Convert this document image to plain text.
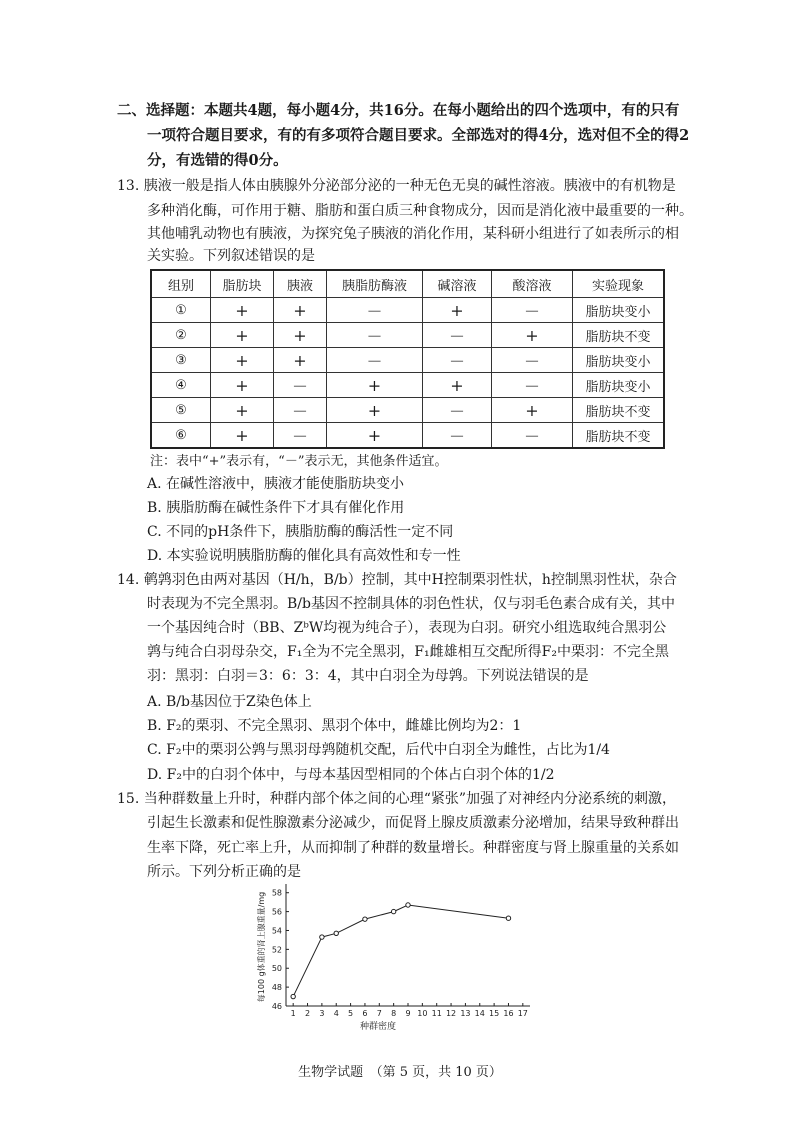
二、选择题：本题共4题，每小题4分，共16分。在每小题给出的四个选项中，有的只有
一项符合题目要求，有的有多项符合题目要求。全部选对的得4分，选对但不全的得2
分，有选错的得0分。
13. 胰液一般是指人体由胰腺外分泌部分泌的一种无色无臭的碱性溶液。胰液中的有机物是
多种消化酶，可作用于糖、脂肪和蛋白质三种食物成分，因而是消化液中最重要的一种。
其他哺乳动物也有胰液，为探究兔子胰液的消化作用，某科研小组进行了如表所示的相
关实验。下列叙述错误的是
组别	脂肪块	胰液	胰脂肪酶液	碱溶液	酸溶液	实验现象
①	+	+	－	+	－	脂肪块变小
②	+	+	－	－	+	脂肪块不变
③	+	+	－	－	－	脂肪块变小
④	+	－	+	+	－	脂肪块变小
⑤	+	－	+	－	+	脂肪块不变
⑥	+	－	+	－	－	脂肪块不变
注：表中“+”表示有，“－”表示无，其他条件适宜。
A. 在碱性溶液中，胰液才能使脂肪块变小
B. 胰脂肪酶在碱性条件下才具有催化作用
C. 不同的pH条件下，胰脂肪酶的酶活性一定不同
D. 本实验说明胰脂肪酶的催化具有高效性和专一性
14. 鹌鹑羽色由两对基因（H/h，B/b）控制，其中H控制栗羽性状，h控制黑羽性状，杂合
时表现为不完全黑羽。B/b基因不控制具体的羽色性状，仅与羽毛色素合成有关，其中
一个基因纯合时（BB、ZᵇW均视为纯合子），表现为白羽。研究小组选取纯合黑羽公
鹑与纯合白羽母杂交，F₁全为不完全黑羽，F₁雌雄相互交配所得F₂中栗羽：不完全黑
羽：黑羽：白羽＝3：6：3：4，其中白羽全为母鹑。下列说法错误的是
A. B/b基因位于Z染色体上
B. F₂的栗羽、不完全黑羽、黑羽个体中，雌雄比例均为2：1
C. F₂中的栗羽公鹑与黑羽母鹑随机交配，后代中白羽全为雌性，占比为1/4
D. F₂中的白羽个体中，与母本基因型相同的个体占白羽个体的1/2
15. 当种群数量上升时，种群内部个体之间的心理“紧张”加强了对神经内分泌系统的刺激，
引起生长激素和促性腺激素分泌减少，而促肾上腺皮质激素分泌增加，结果导致种群出
生率下降，死亡率上升，从而抑制了种群的数量增长。种群密度与肾上腺重量的关系如
所示。下列分析正确的是
46
48
50
52
54
56
58
1 2 3 4 5 6 7 8 9 10 11 12 13 14 15 16 17
种群密度
每100 g体重的肾上腺重量/mg
生物学试题　（第 5 页，共 10 页）
